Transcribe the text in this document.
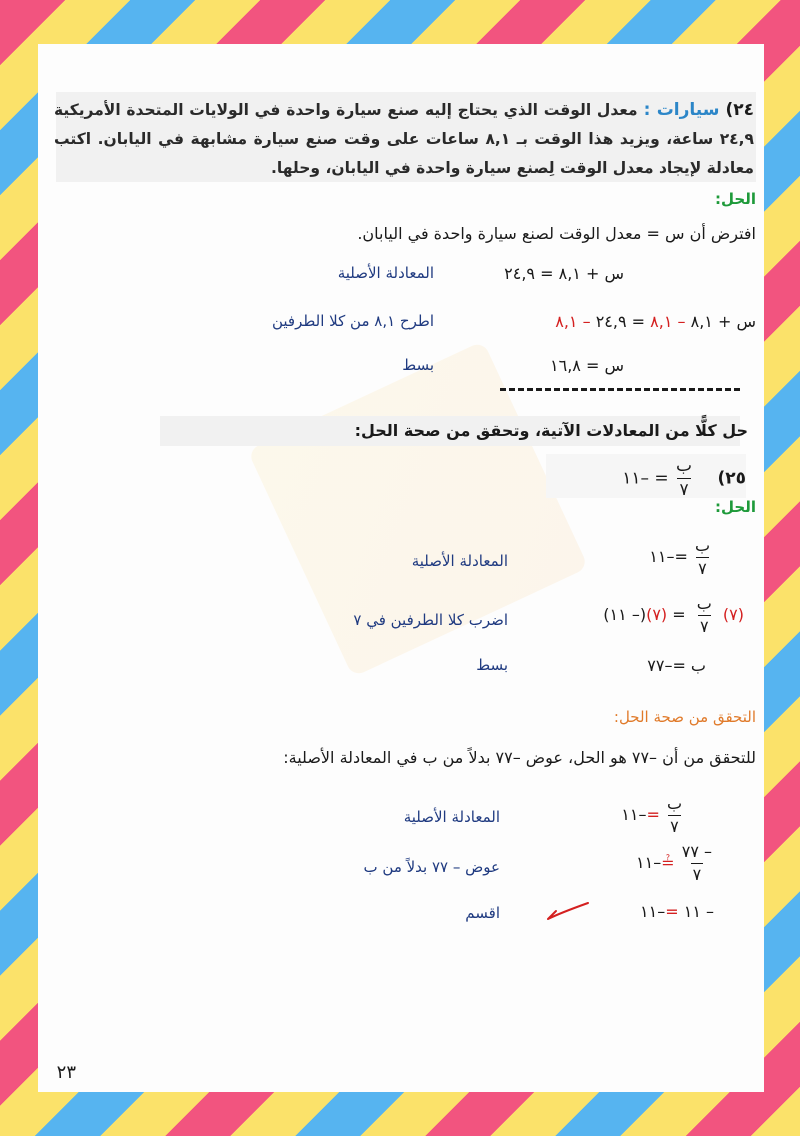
٢٤)سيارات :معدل الوقت الذي يحتاج إليه صنع سيارة واحدة في الولايات المتحدة الأمريكية ٢٤,٩ ساعة، ويزيد هذا الوقت بـ ٨,١ ساعات على وقت صنع سيارة مشابهة في اليابان. اكتب معادلة لإيجاد معدل الوقت لِصنع سيارة واحدة في اليابان، وحلها.
الحل:
افترض أن س = معدل الوقت لصنع سيارة واحدة في اليابان.
س + ٨,١ = ٢٤,٩
المعادلة الأصلية
س + ٨,١ – ٨,١ = ٢٤,٩ – ٨,١
اطرح ٨,١ من كلا الطرفين
س = ١٦,٨
بسط
حل كلًّا من المعادلات الآتية، وتحقق من صحة الحل:
٢٥)
$\frac{\text{ب}}{٧}$
= –١١
الحل:
$\frac{\text{ب}}{٧}$
=–١١
المعادلة الأصلية
(٧)
$\frac{\text{ب}}{٧}$
= (٧)(– ١١)
اضرب كلا الطرفين في ٧
ب =–٧٧
بسط
التحقق من صحة الحل:
للتحقق من أن –٧٧ هو الحل، عوض –٧٧ بدلاً من ب في المعادلة الأصلية:
$\frac{\text{ب}}{٧}$
=–١١
المعادلة الأصلية
$\frac{- ٧٧}{٧}$
≟–١١
عوض – ٧٧ بدلاً من ب
– ١١ =–١١
اقسم
٢٣
